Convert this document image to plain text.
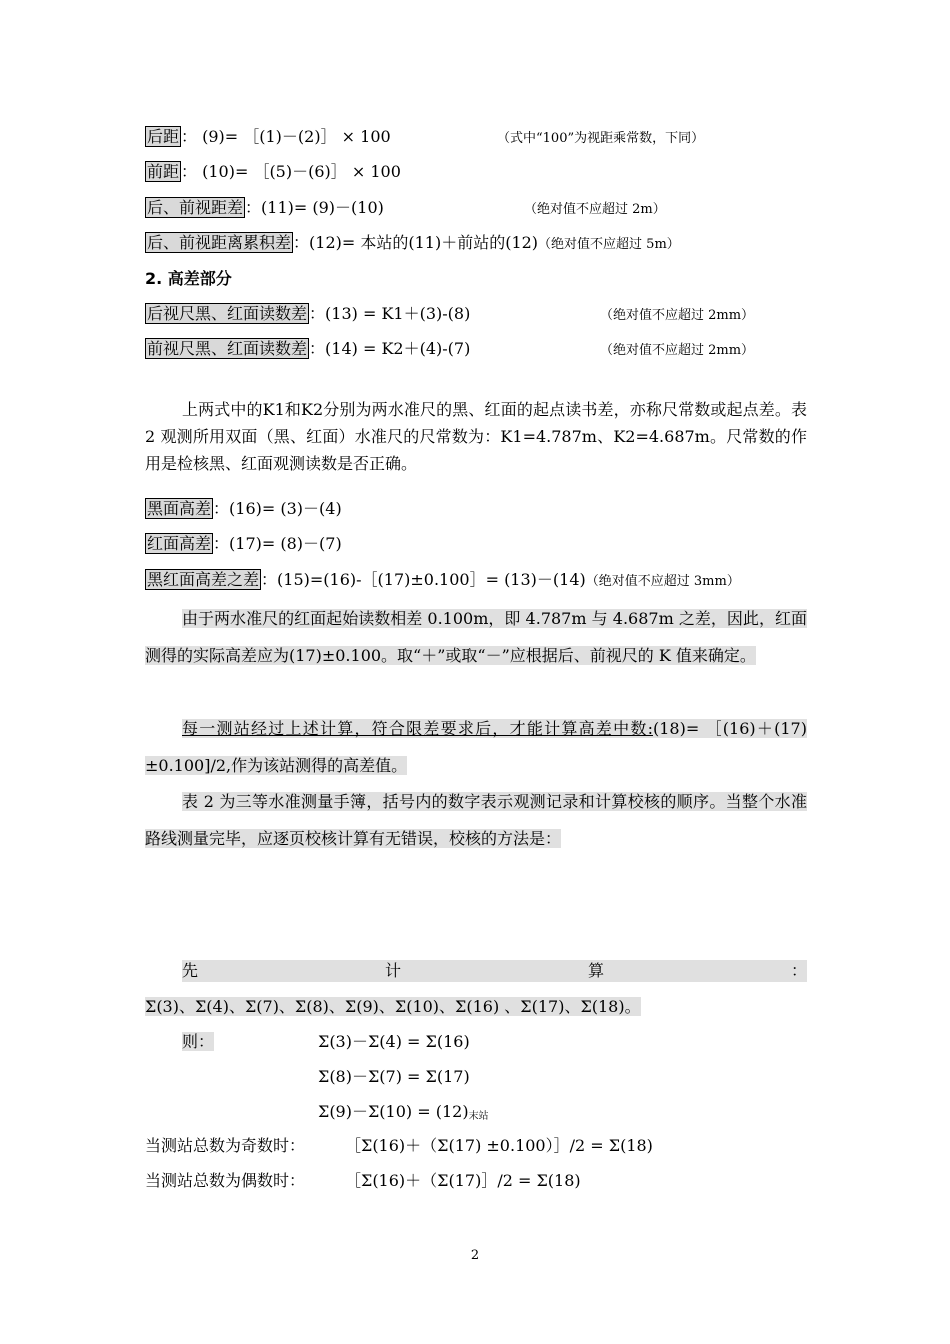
后距 ： (9)= ［(1)－(2)］ × 100	（式中“100”为视距乘常数，下同）
前距 ： (10)= ［(5)－(6)］ × 100
后、前视距差 ：(11)= (9)－(10)	（绝对值不应超过 2m）
后、前视距离累积差 ：(12)= 本站的(11)＋前站的(12)（绝对值不应超过 5m）
2. 高差部分
后视尺黑、红面读数差 ：(13) = K1＋(3)-(8)	（绝对值不应超过 2mm）
前视尺黑、红面读数差 ：(14) = K2＋(4)-(7)	（绝对值不应超过 2mm）
上两式中的K1和K2分别为两水准尺的黑、红面的起点读书差，亦称尺常数或起点差。表 2 观测所用双面（黑、红面）水准尺的尺常数为：K1=4.787m、K2=4.687m。尺常数的作用是检核黑、红面观测读数是否正确。
黑面高差 ：(16)= (3)－(4)
红面高差 ：(17)= (8)－(7)
黑红面高差之差 ：(15)=(16)-［(17)±0.100］= (13)－(14)（绝对值不应超过 3mm）
由于两水准尺的红面起始读数相差 0.100m，即 4.787m 与 4.687m 之差，因此，红面测得的实际高差应为(17)±0.100。取“＋”或取“－”应根据后、前视尺的 K 值来确定。
每一测站经过上述计算，符合限差要求后，才能计算高差中数:(18)= ［(16)＋(17) ±0.100]/2,作为该站测得的高差值。
表 2 为三等水准测量手簿，括号内的数字表示观测记录和计算校核的顺序。当整个水准路线测量完毕，应逐页校核计算有无错误，校核的方法是：
先	计	算	：
Σ(3)、Σ(4)、Σ(7)、Σ(8)、Σ(9)、Σ(10)、Σ(16) 、Σ(17)、Σ(18)。
则：	Σ(3)－Σ(4) = Σ(16)
Σ(8)－Σ(7) = Σ(17)
$\Sigma(9)-\Sigma(10) = (12)_{末站}$
当测站总数为奇数时： ［Σ(16)＋（Σ(17) ±0.100）］/2 = Σ(18)
当测站总数为偶数时： ［Σ(16)＋（Σ(17)］/2 = Σ(18)
2
